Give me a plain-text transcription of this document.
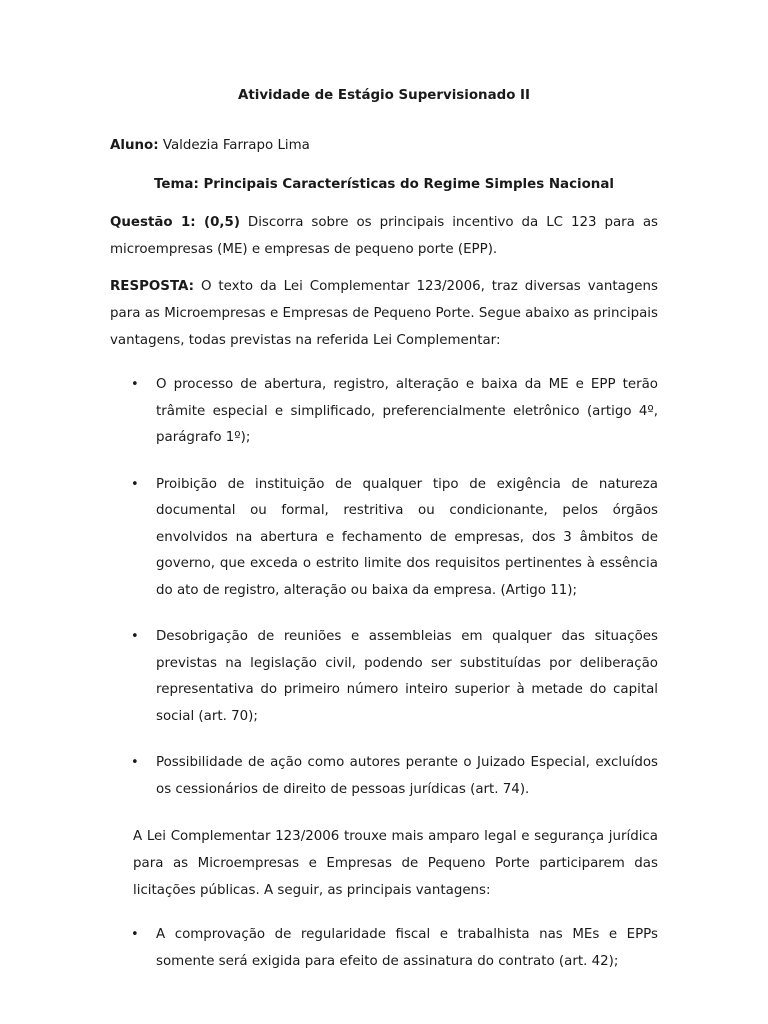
Atividade de Estágio Supervisionado II
Aluno: Valdezia Farrapo Lima
Tema: Principais Características do Regime Simples Nacional
Questão 1: (0,5) Discorra sobre os principais incentivo da LC 123 para as microempresas (ME) e empresas de pequeno porte (EPP).
RESPOSTA: O texto da Lei Complementar 123/2006, traz diversas vantagens para as Microempresas e Empresas de Pequeno Porte. Segue abaixo as principais vantagens, todas previstas na referida Lei Complementar:
• O processo de abertura, registro, alteração e baixa da ME e EPP terão trâmite especial e simplificado, preferencialmente eletrônico (artigo 4º, parágrafo 1º);
• Proibição de instituição de qualquer tipo de exigência de natureza documental ou formal, restritiva ou condicionante, pelos órgãos envolvidos na abertura e fechamento de empresas, dos 3 âmbitos de governo, que exceda o estrito limite dos requisitos pertinentes à essência do ato de registro, alteração ou baixa da empresa. (Artigo 11);
• Desobrigação de reuniões e assembleias em qualquer das situações previstas na legislação civil, podendo ser substituídas por deliberação representativa do primeiro número inteiro superior à metade do capital social (art. 70);
• Possibilidade de ação como autores perante o Juizado Especial, excluídos os cessionários de direito de pessoas jurídicas (art. 74).
A Lei Complementar 123/2006 trouxe mais amparo legal e segurança jurídica para as Microempresas e Empresas de Pequeno Porte participarem das licitações públicas. A seguir, as principais vantagens:
• A comprovação de regularidade fiscal e trabalhista nas MEs e EPPs somente será exigida para efeito de assinatura do contrato (art. 42);
